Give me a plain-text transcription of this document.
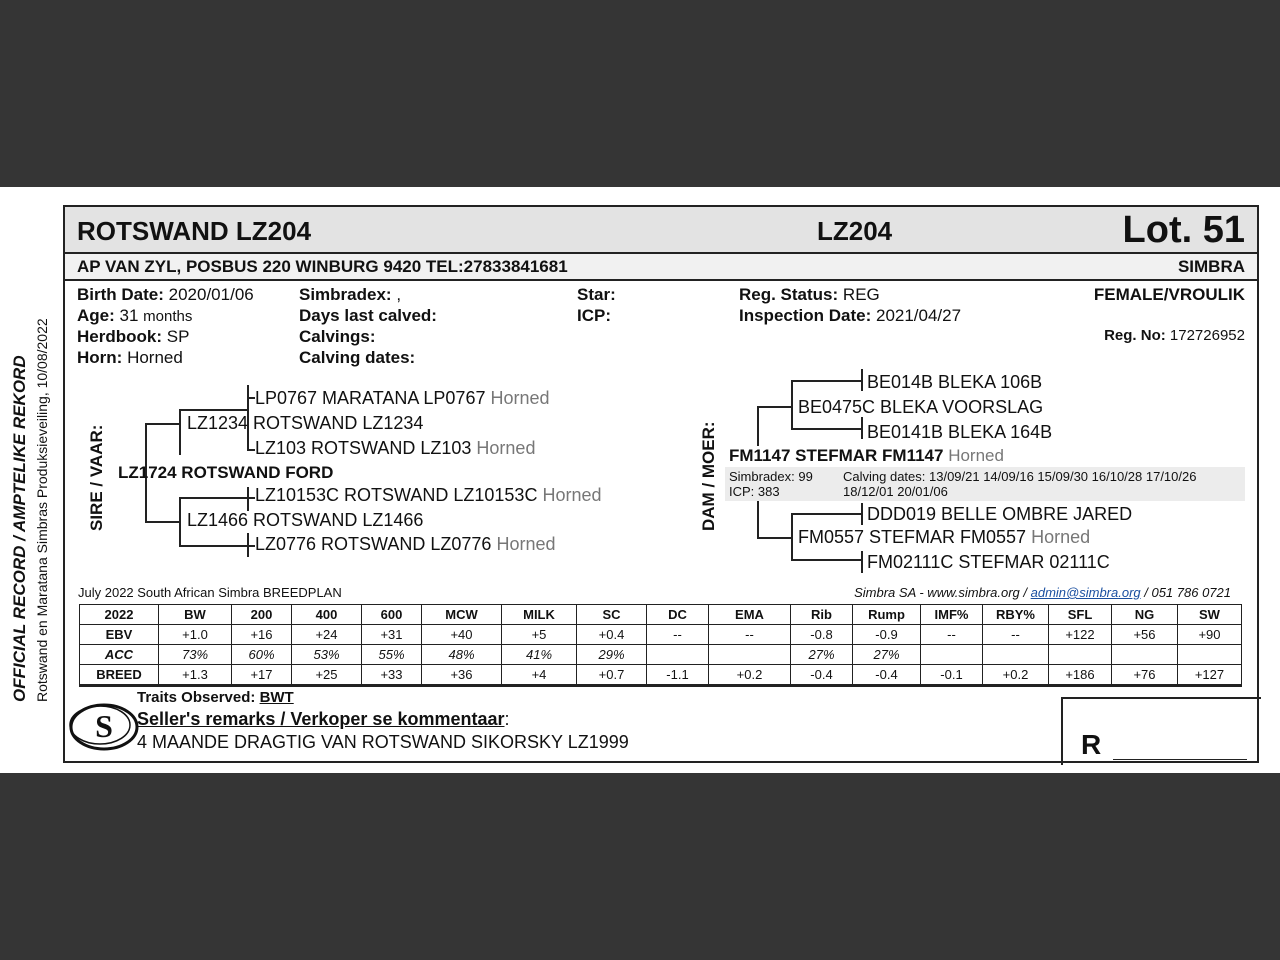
OFFICIAL RECORD / AMPTELIKE REKORD Rotswand en Maratana Simbras Produksieveiling, 10/08/2022
ROTSWAND LZ204	LZ204	Lot. 51
AP VAN ZYL, POSBUS 220 WINBURG 9420 TEL:27833841681	SIMBRA
Birth Date: 2020/01/06
Age: 31 months
Herdbook: SP
Horn: Horned
Simbradex: ,
Days last calved:
Calvings:
Calving dates:
Star:
ICP:
Reg. Status: REG
Inspection Date: 2021/04/27
FEMALE/VROULIK
Reg. No: 172726952
SIRE / VAAR:
LP0767 MARATANA LP0767 Horned
LZ1234 ROTSWAND LZ1234
LZ103 ROTSWAND LZ103 Horned
LZ1724 ROTSWAND FORD
LZ10153C ROTSWAND LZ10153C Horned
LZ1466 ROTSWAND LZ1466
LZ0776 ROTSWAND LZ0776 Horned
DAM / MOER:
BE014B BLEKA 106B
BE0475C BLEKA VOORSLAG
BE0141B BLEKA 164B
FM1147 STEFMAR FM1147 Horned
Simbradex: 99
ICP: 383
Calving dates: 13/09/21 14/09/16 15/09/30 16/10/28 17/10/26
18/12/01 20/01/06
DDD019 BELLE OMBRE JARED
FM0557 STEFMAR FM0557 Horned
FM02111C STEFMAR 02111C
July 2022 South African Simbra BREEDPLAN	Simbra SA - www.simbra.org / admin@simbra.org / 051 786 0721
2022	BW	200	400	600	MCW	MILK	SC	DC	EMA	Rib	Rump	IMF%	RBY%	SFL	NG	SW
EBV	+1.0	+16	+24	+31	+40	+5	+0.4	--	--	-0.8	-0.9	--	--	+122	+56	+90
ACC	73%	60%	53%	55%	48%	41%	29%			27%	27%					
BREED	+1.3	+17	+25	+33	+36	+4	+0.7	-1.1	+0.2	-0.4	-0.4	-0.1	+0.2	+186	+76	+127
S
Traits Observed: BWT
Seller's remarks / Verkoper se kommentaar:
4 MAANDE DRAGTIG VAN ROTSWAND SIKORSKY LZ1999	R
